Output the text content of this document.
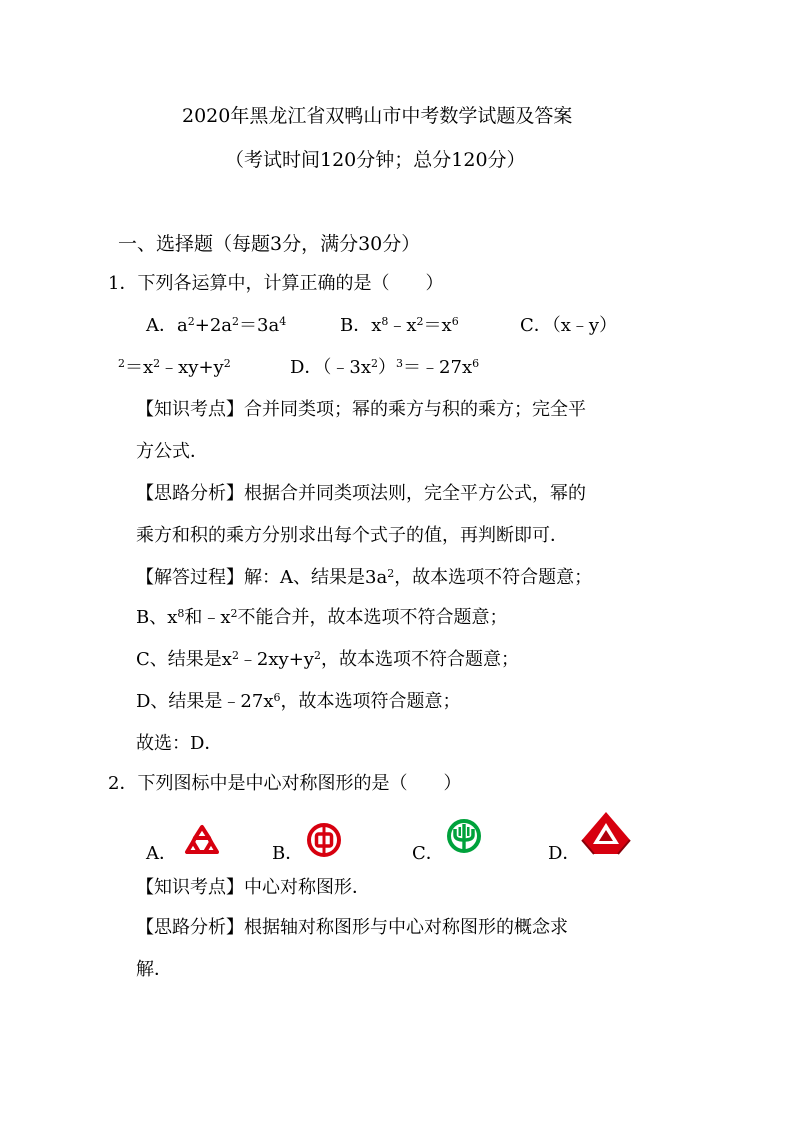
2020年黑龙江省双鸭山市中考数学试题及答案
（考试时间120分钟；总分120分）
一、选择题（每题3分，满分30分）
1．下列各运算中，计算正确的是（　　）
A．$a^2+2a^2=3a^4$	B．$x^8﹣x^2=x^6$	C．（x﹣y）
$^2=x^2﹣xy+y^2$	D．$(﹣3x^2)^3=﹣27x^6$
【知识考点】合并同类项；幂的乘方与积的乘方；完全平
方公式．
【思路分析】根据合并同类项法则，完全平方公式，幂的
乘方和积的乘方分别求出每个式子的值，再判断即可．
【解答过程】解：A、结果是$3a^2$，故本选项不符合题意；
B、$x^8$和$﹣x^2$不能合并，故本选项不符合题意；
C、结果是$x^2﹣2xy+y^2$，故本选项不符合题意；
D、结果是$﹣27x^6$，故本选项符合题意；
故选：D．
2．下列图标中是中心对称图形的是（　　）
A．	B．	C．	D．
【知识考点】中心对称图形．
【思路分析】根据轴对称图形与中心对称图形的概念求
解．
